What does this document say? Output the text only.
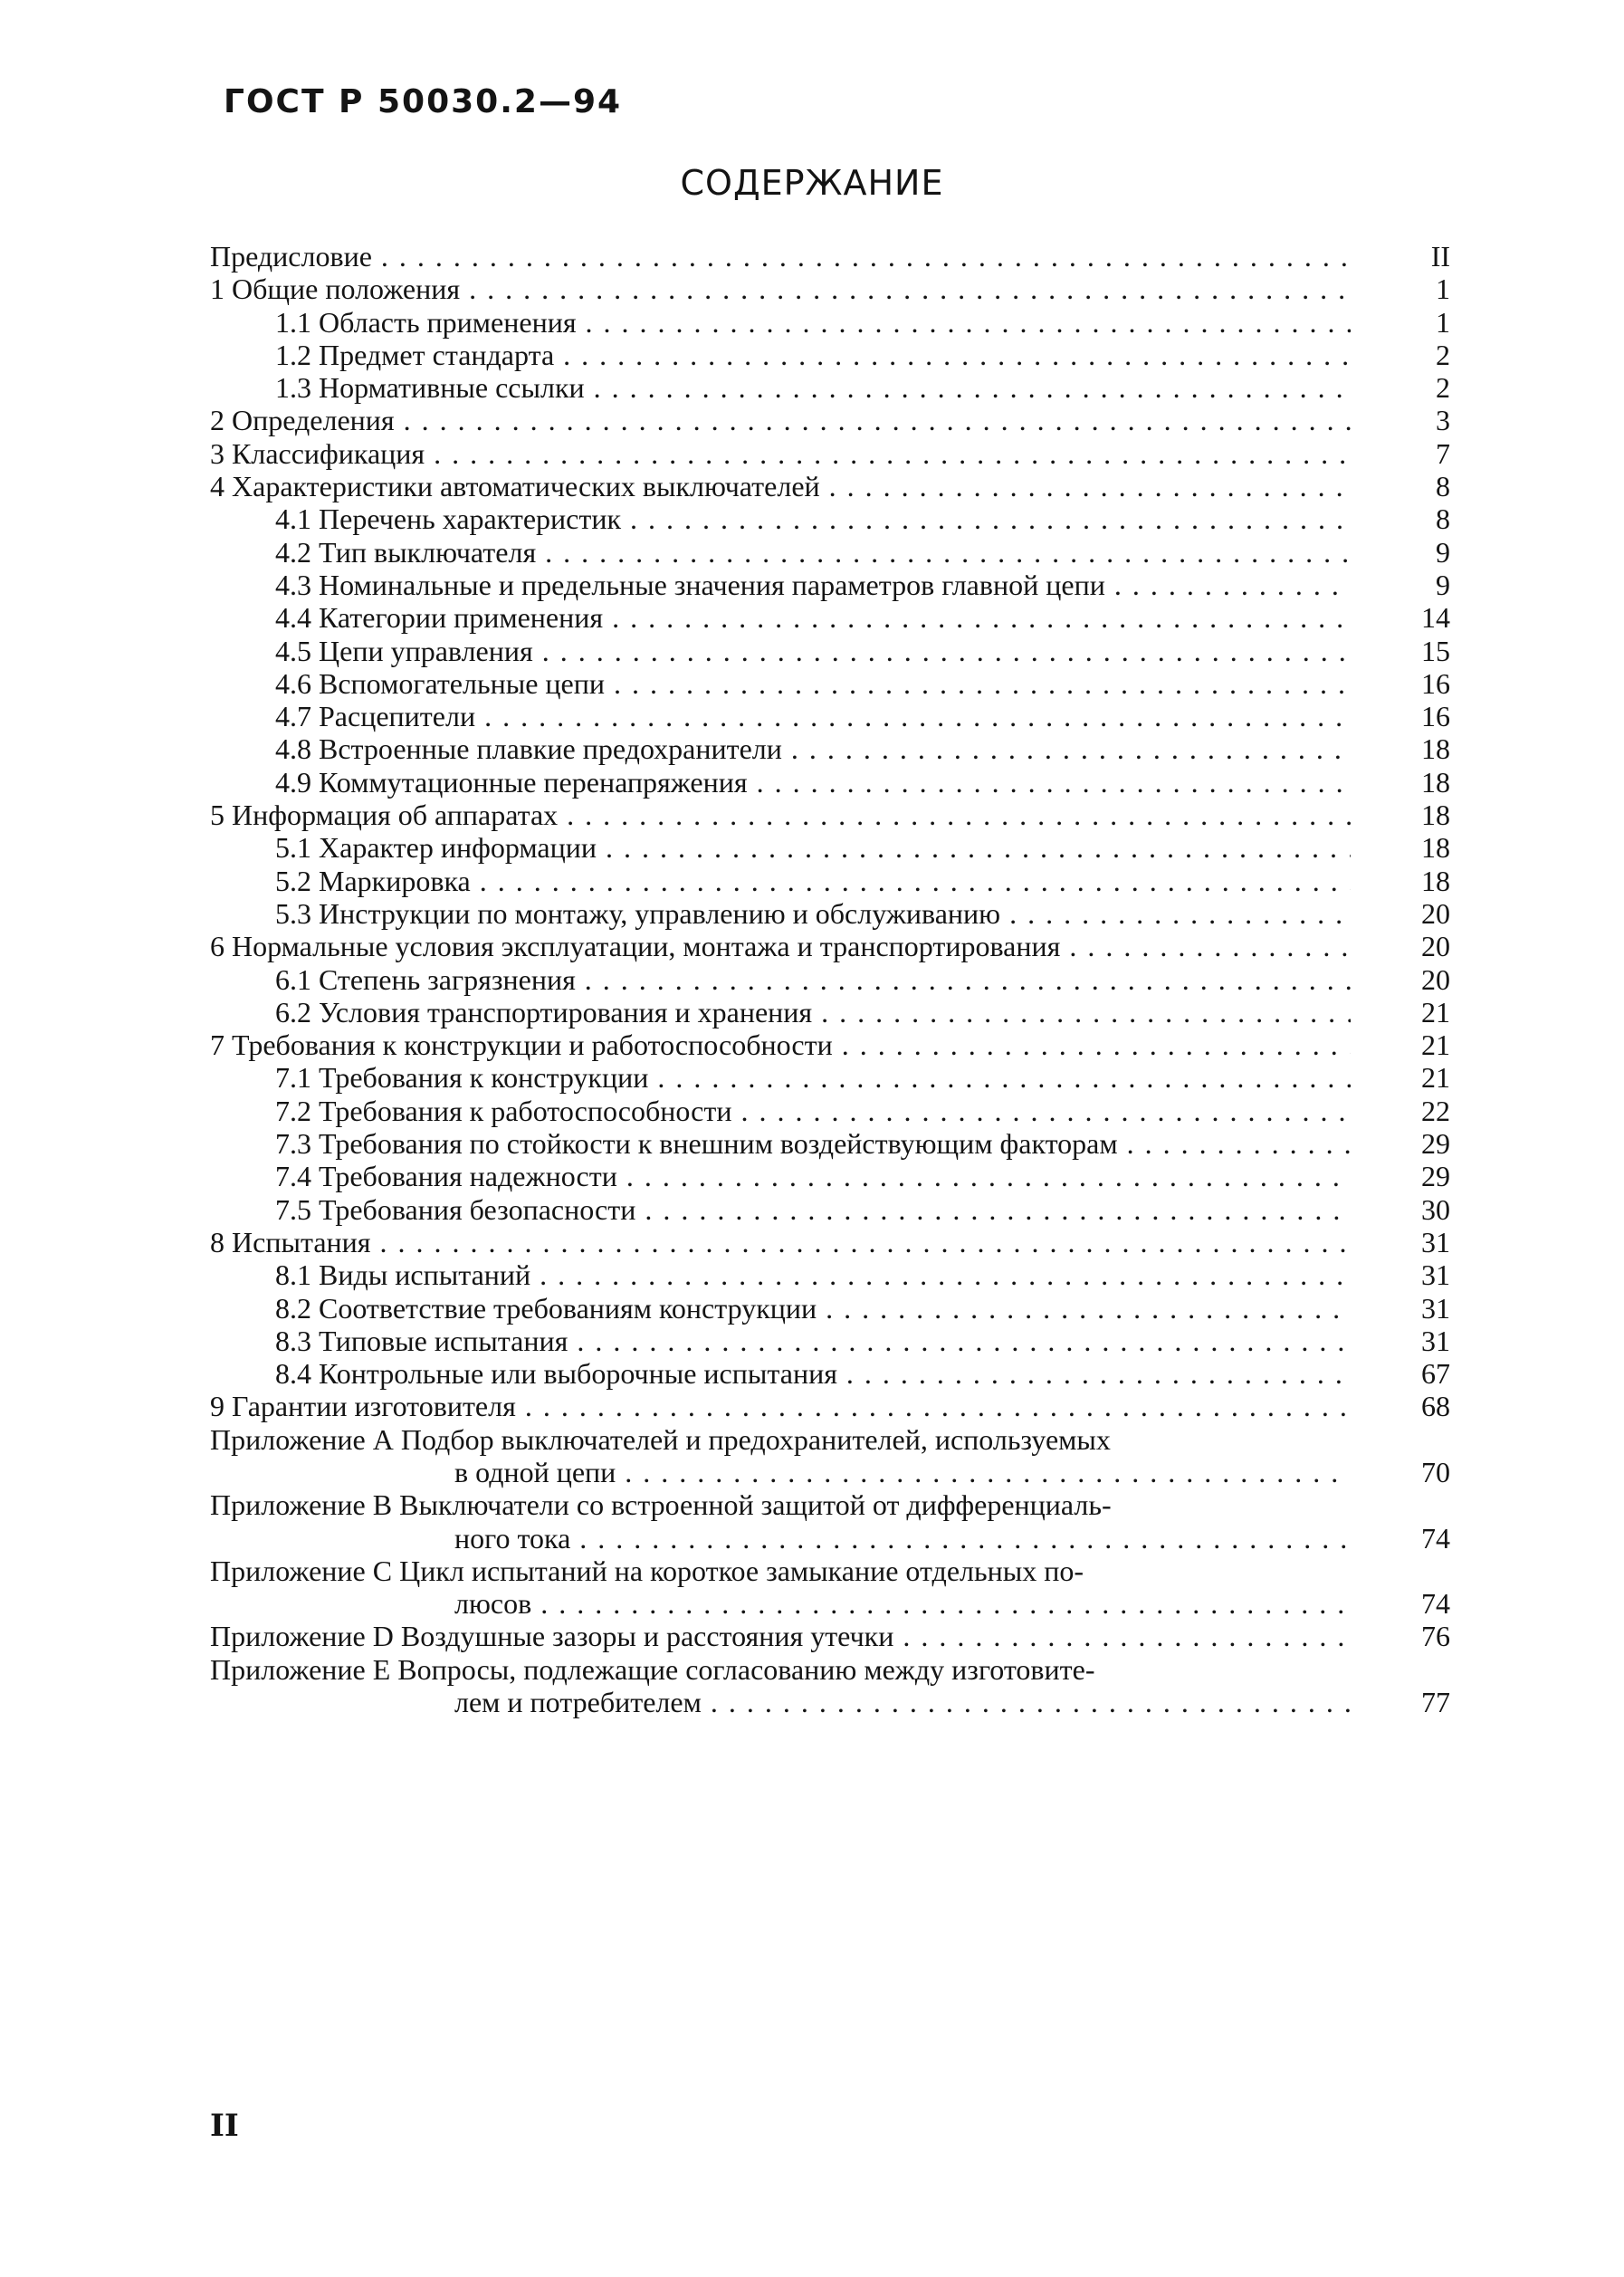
ГОСТ Р 50030.2—94
СОДЕРЖАНИЕ
Предисловие . .	II
1 Общие положения . .	1
1.1 Область применения . .	1
1.2 Предмет стандарта . .	2
1.3 Нормативные ссылки . .	2
2 Определения . .	3
3 Классификация . .	7
4 Характеристики автоматических выключателей . .	8
4.1 Перечень характеристик . .	8
4.2 Тип выключателя . .	9
4.3 Номинальные и предельные значения параметров главной цепи . .	9
4.4 Категории применения . .	14
4.5 Цепи управления . .	15
4.6 Вспомогательные цепи . .	16
4.7 Расцепители . .	16
4.8 Встроенные плавкие предохранители . .	18
4.9 Коммутационные перенапряжения . .	18
5 Информация об аппаратах . .	18
5.1 Характер информации . .	18
5.2 Маркировка . .	18
5.3 Инструкции по монтажу, управлению и обслуживанию . .	20
6 Нормальные условия эксплуатации, монтажа и транспортирования . .	20
6.1 Степень загрязнения . .	20
6.2 Условия транспортирования и хранения . .	21
7 Требования к конструкции и работоспособности . .	21
7.1 Требования к конструкции . .	21
7.2 Требования к работоспособности . .	22
7.3 Требования по стойкости к внешним воздействующим факторам . .	29
7.4 Требования надежности . .	29
7.5 Требования безопасности . .	30
8 Испытания . .	31
8.1 Виды испытаний . .	31
8.2 Соответствие требованиям конструкции . .	31
8.3 Типовые испытания . .	31
8.4 Контрольные или выборочные испытания . .	67
9 Гарантии изготовителя . .	68
Приложение А Подбор выключателей и предохранителей, используемых
в одной цепи . .	70
Приложение В Выключатели со встроенной защитой от дифференциаль-
ного тока . .	74
Приложение С Цикл испытаний на короткое замыкание отдельных по-
люсов . .	74
Приложение D Воздушные зазоры и расстояния утечки . .	76
Приложение Е Вопросы, подлежащие согласованию между изготовите-
лем и потребителем . .	77
II
